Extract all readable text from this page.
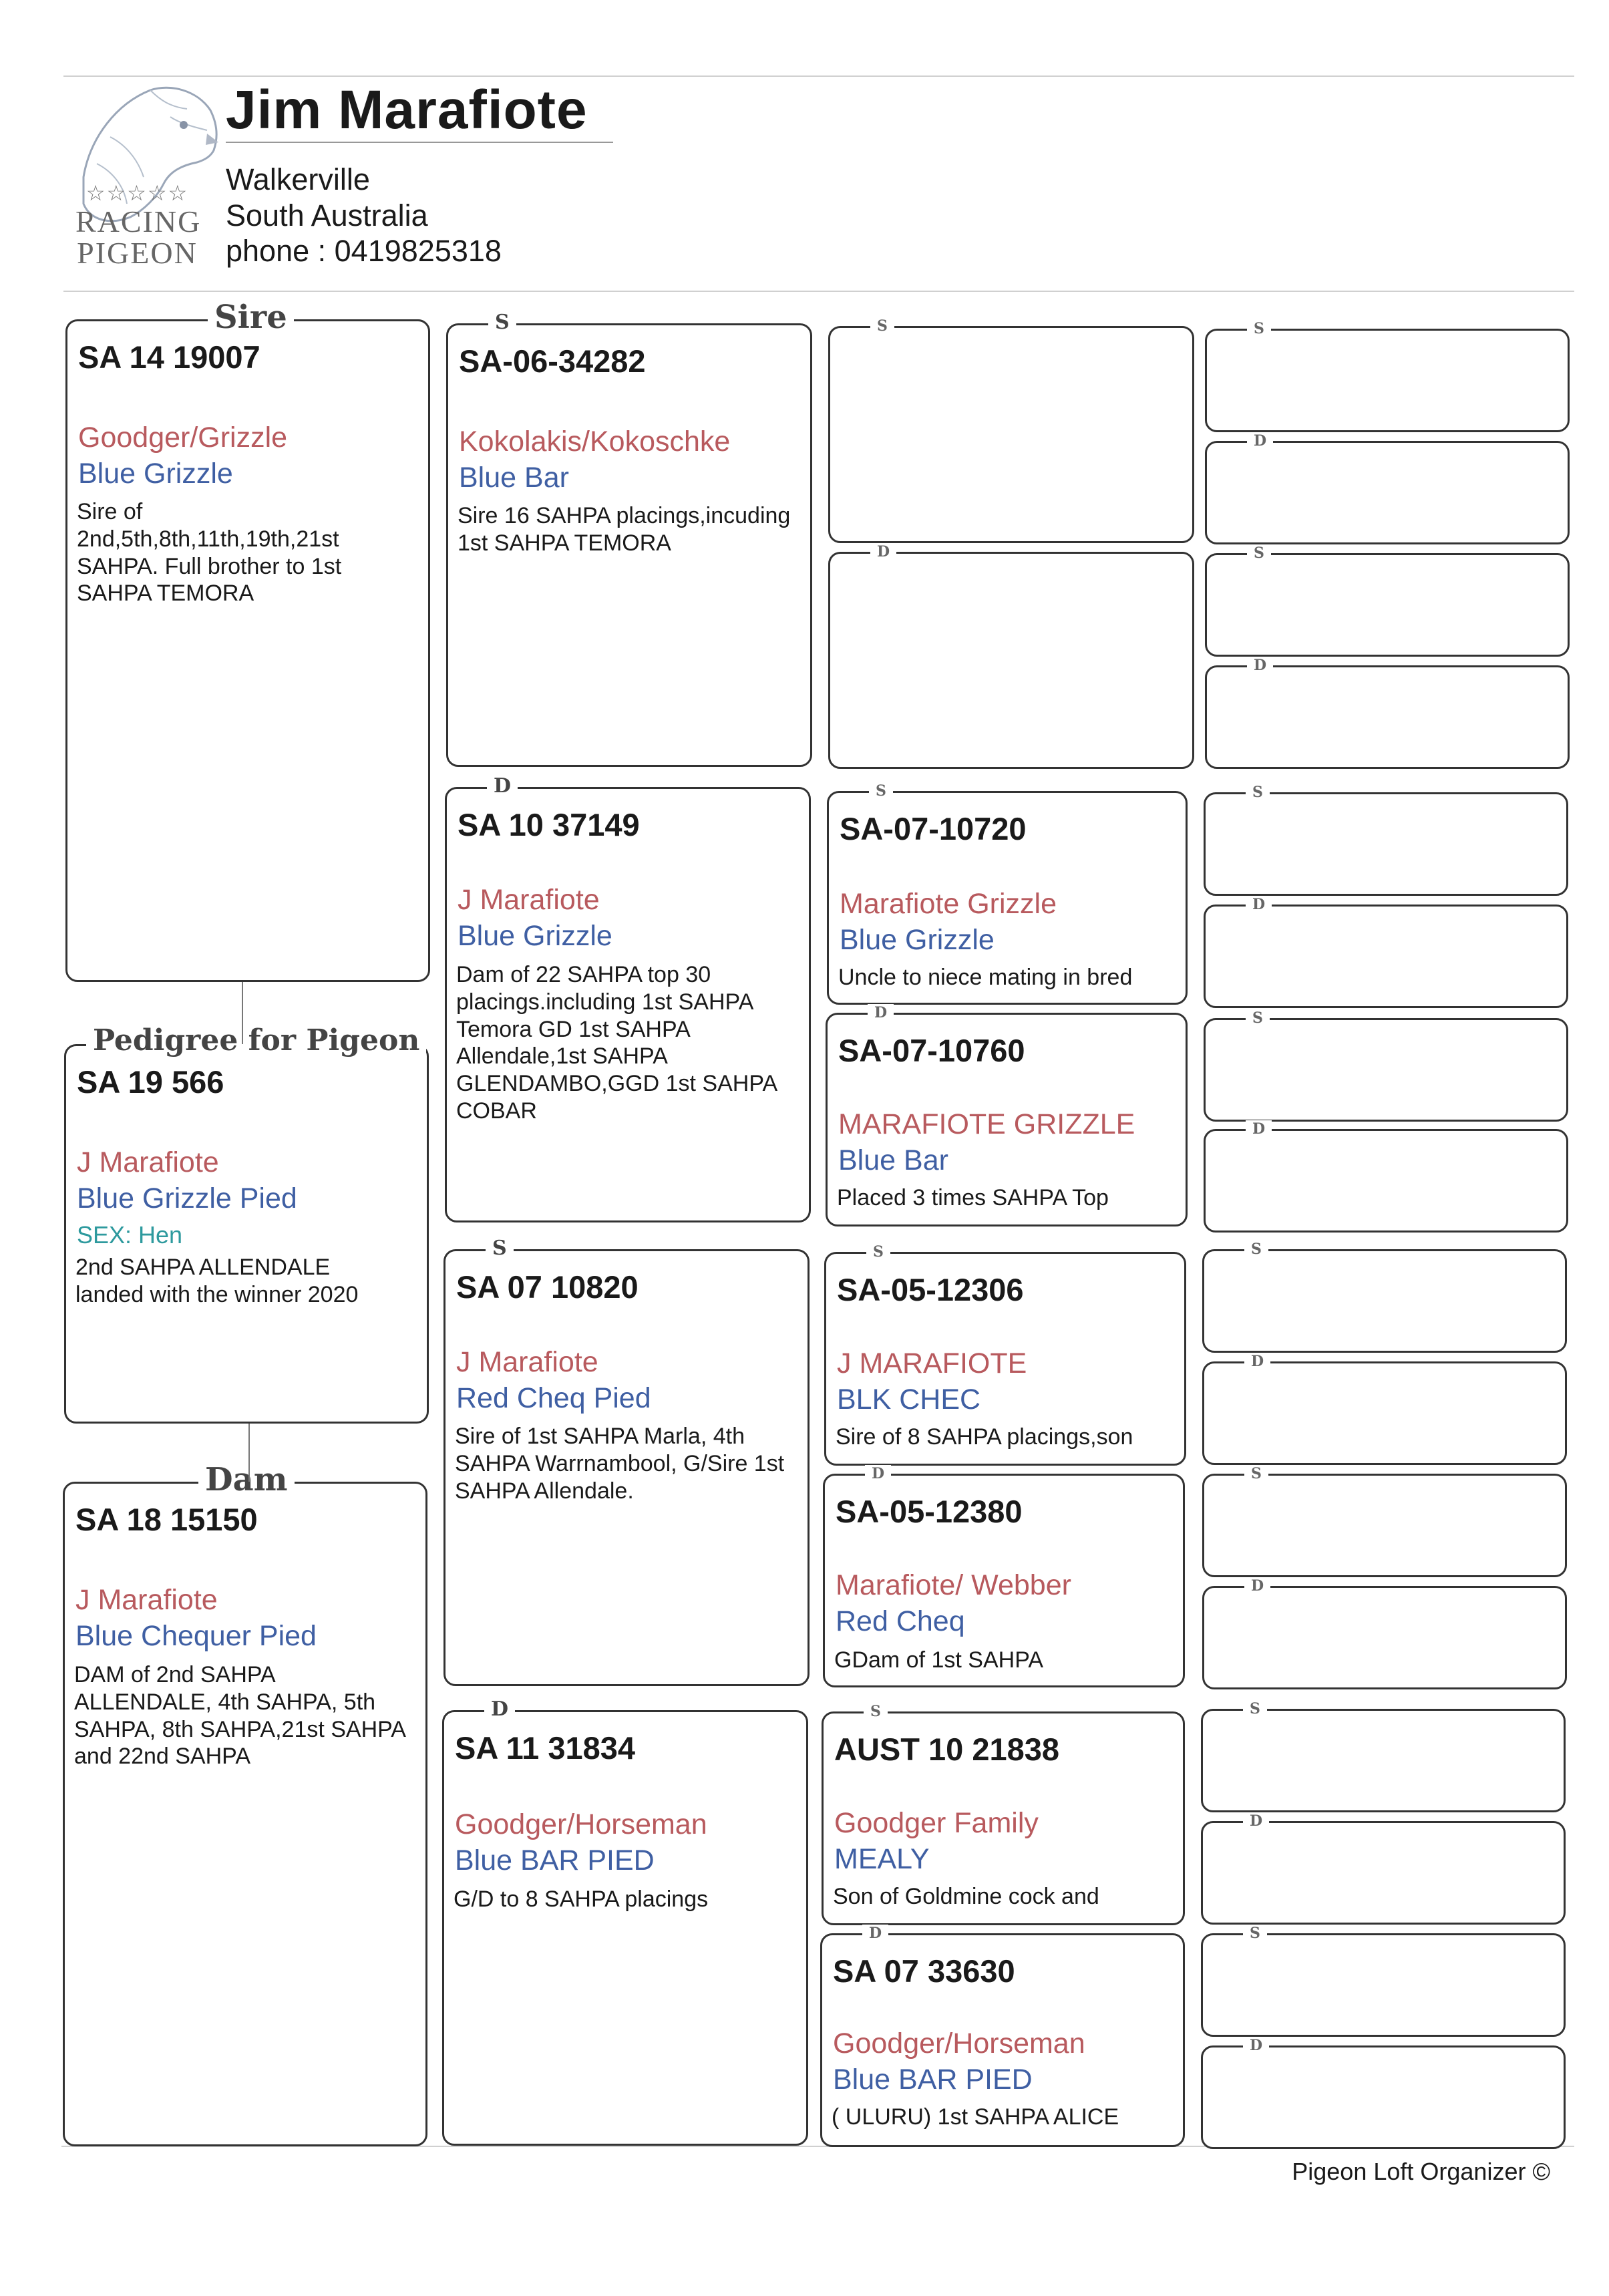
☆☆☆☆☆
RACING
PIGEON
Jim Marafiote
Walkerville
South Australia
phone : 0419825318
Sire
SA 14 19007
Goodger/Grizzle
Blue Grizzle
Sire of 2nd,5th,8th,11th,19th,21st SAHPA. Full brother to 1st SAHPA TEMORA
Pedigree for Pigeon
SA 19 566
J Marafiote
Blue Grizzle Pied
SEX: Hen
2nd SAHPA ALLENDALE landed with the winner 2020
Dam
SA 18 15150
J Marafiote
Blue Chequer Pied
DAM of 2nd SAHPA ALLENDALE, 4th SAHPA, 5th SAHPA, 8th SAHPA,21st SAHPA and 22nd SAHPA
S
SA-06-34282
Kokolakis/Kokoschke
Blue Bar
Sire 16 SAHPA placings,incuding 1st SAHPA TEMORA
D
SA 10 37149
J Marafiote
Blue Grizzle
Dam of 22 SAHPA top 30 placings.including 1st SAHPA Temora GD 1st SAHPA Allendale,1st SAHPA GLENDAMBO,GGD 1st SAHPA COBAR
S
SA 07 10820
J Marafiote
Red Cheq Pied
Sire of 1st SAHPA Marla, 4th SAHPA Warrnambool, G/Sire 1st SAHPA Allendale.
D
SA 11 31834
Goodger/Horseman
Blue BAR PIED
G/D to 8 SAHPA placings
S
D
S
SA-07-10720
Marafiote Grizzle
Blue Grizzle
Uncle to niece mating in bred
D
SA-07-10760
MARAFIOTE GRIZZLE
Blue Bar
Placed 3 times SAHPA Top
S
SA-05-12306
J MARAFIOTE
BLK CHEC
Sire of 8 SAHPA placings,son
D
SA-05-12380
Marafiote/ Webber
Red Cheq
GDam of 1st SAHPA
S
AUST 10 21838
Goodger Family
MEALY
Son of Goldmine cock and
D
SA 07 33630
Goodger/Horseman
Blue BAR PIED
( ULURU) 1st SAHPA ALICE
S
D
S
D
S
D
S
D
S
D
S
D
S
D
S
D
Pigeon Loft Organizer ©
